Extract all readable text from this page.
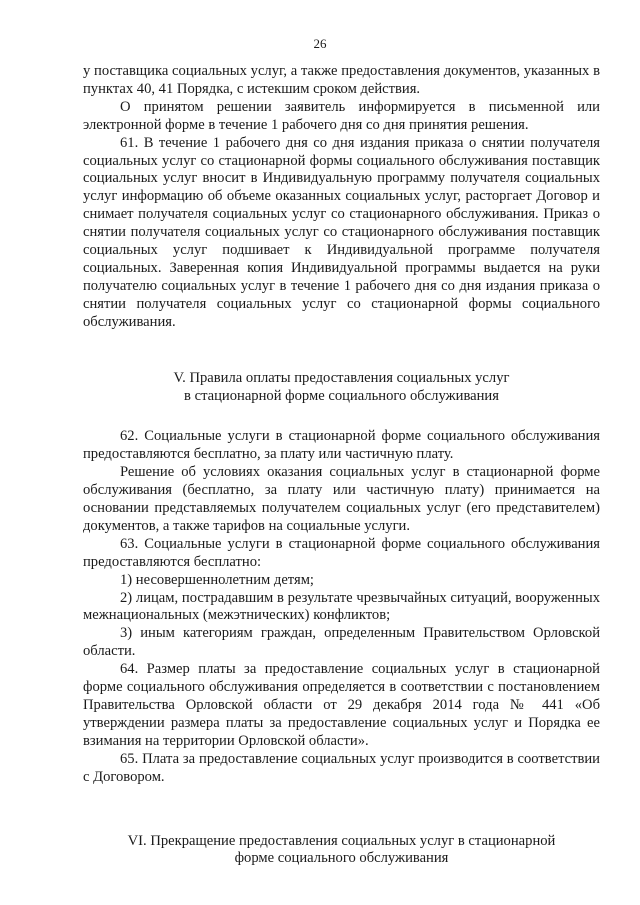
26

у поставщика социальных услуг, а также предоставления документов, указанных в пунктах 40, 41 Порядка, с истекшим сроком действия.

О принятом решении заявитель информируется в письменной или электронной форме в течение 1 рабочего дня со дня принятия решения.

61. В течение 1 рабочего дня со дня издания приказа о снятии получателя социальных услуг со стационарной формы социального обслуживания поставщик социальных услуг вносит в Индивидуальную программу получателя социальных услуг информацию об объеме оказанных социальных услуг, расторгает Договор и снимает получателя социальных услуг со стационарного обслуживания. Приказ о снятии получателя социальных услуг со стационарного обслуживания поставщик социальных услуг подшивает к Индивидуальной программе получателя социальных. Заверенная копия Индивидуальной программы выдается на руки получателю социальных услуг в течение 1 рабочего дня со дня издания приказа о снятии получателя социальных услуг со стационарной формы социального обслуживания.

V. Правила оплаты предоставления социальных услуг
в стационарной форме социального обслуживания

62. Социальные услуги в стационарной форме социального обслуживания предоставляются бесплатно, за плату или частичную плату.

Решение об условиях оказания социальных услуг в стационарной форме обслуживания (бесплатно, за плату или частичную плату) принимается на основании представляемых получателем социальных услуг (его представителем) документов, а также тарифов на социальные услуги.

63. Социальные услуги в стационарной форме социального обслуживания предоставляются бесплатно:

1) несовершеннолетним детям;

2) лицам, пострадавшим в результате чрезвычайных ситуаций, вооруженных межнациональных (межэтнических) конфликтов;

3) иным категориям граждан, определенным Правительством Орловской области.

64. Размер платы за предоставление социальных услуг в стационарной форме социального обслуживания определяется в соответствии с постановлением Правительства Орловской области от 29 декабря 2014 года № 441 «Об утверждении размера платы за предоставление социальных услуг и Порядка ее взимания на территории Орловской области».

65. Плата за предоставление социальных услуг производится в соответствии с Договором.

VI. Прекращение предоставления социальных услуг в стационарной
форме социального обслуживания
